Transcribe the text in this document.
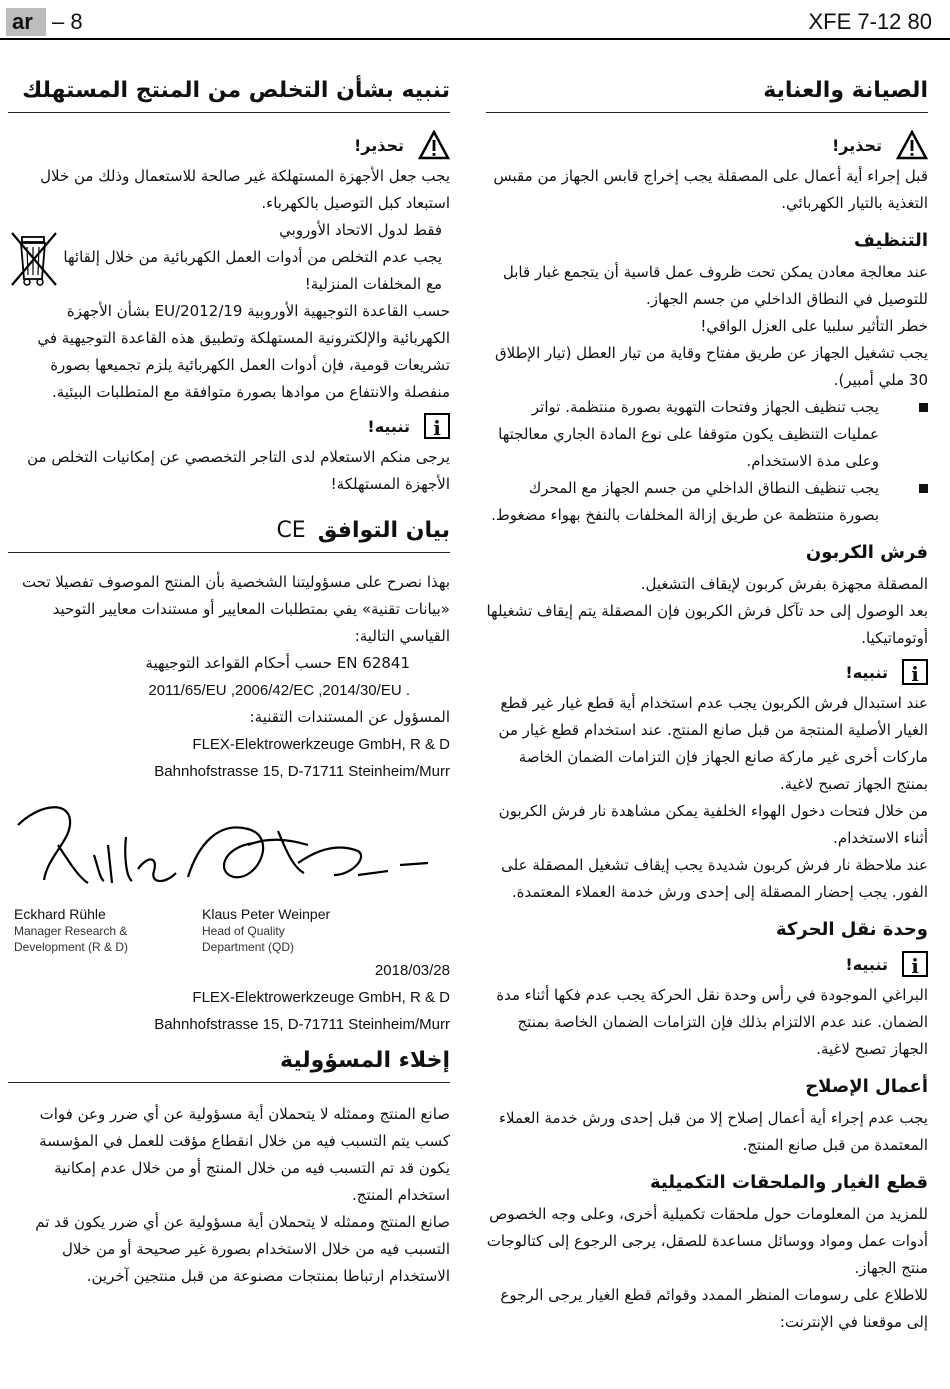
ar – 8	XFE 7-12 80
تنبيه بشأن التخلص من المنتج المستهلك
تحذير!

يجب جعل الأجهزة المستهلكة غير صالحة للاستعمال وذلك من خلال استبعاد كبل التوصيل بالكهرباء.

فقط لدول الاتحاد الأوروبي

يجب عدم التخلص من أدوات العمل الكهربائية من خلال إلقائها مع المخلفات المنزلية!

حسب القاعدة التوجيهية الأوروبية 2012/19/EU بشأن الأجهزة الكهربائية والإلكترونية المستهلكة وتطبيق هذه القاعدة التوجيهية في تشريعات قومية، فإن أدوات العمل الكهربائية يلزم تجميعها بصورة منفصلة والانتفاع من موادها بصورة متوافقة مع المتطلبات البيئية.

i
تنبيه!

يرجى منكم الاستعلام لدى التاجر التخصصي عن إمكانيات التخلص من الأجهزة المستهلكة!

بيان التوافقCE

بهذا نصرح على مسؤوليتنا الشخصية بأن المنتج الموصوف تفصيلا تحت «بيانات تقنية» يفي بمتطلبات المعايير أو مستندات معايير التوحيد القياسي التالية:

EN 62841 حسب أحكام القواعد التوجيهية

2011/65/EU ,2006/42/EC ,2014/30/EU .

المسؤول عن المستندات التقنية:

FLEX-Elektrowerkzeuge GmbH, R & D

Bahnhofstrasse 15, D-71711 Steinheim/Murr

Eckhard Rühle
Manager Research &
Development (R & D)
Klaus Peter Weinper
Head of Quality
Department (QD)

2018/03/28

FLEX-Elektrowerkzeuge GmbH, R & D

Bahnhofstrasse 15, D-71711 Steinheim/Murr

إخلاء المسؤولية

صانع المنتج وممثله لا يتحملان أية مسؤولية عن أي ضرر وعن فوات كسب يتم التسبب فيه من خلال انقطاع مؤقت للعمل في المؤسسة يكون قد تم التسبب فيه من خلال المنتج أو من خلال عدم إمكانية استخدام المنتج.

صانع المنتج وممثله لا يتحملان أية مسؤولية عن أي ضرر يكون قد تم التسبب فيه من خلال الاستخدام بصورة غير صحيحة أو من خلال الاستخدام ارتباطا بمنتجات مصنوعة من قبل منتجين آخرين.

الصيانة والعناية
تحذير!

قبل إجراء أية أعمال على المصقلة يجب إخراج قابس الجهاز من مقبس التغذية بالتيار الكهربائي.

التنظيف

عند معالجة معادن يمكن تحت ظروف عمل قاسية أن يتجمع غبار قابل للتوصيل في النطاق الداخلي من جسم الجهاز.

خطر التأثير سلبيا على العزل الواقي!

يجب تشغيل الجهاز عن طريق مفتاح وقاية من تيار العطل (تيار الإطلاق 30 ملي أمبير).

يجب تنظيف الجهاز وفتحات التهوية بصورة منتظمة. تواتر عمليات التنظيف يكون متوقفا على نوع المادة الجاري معالجتها وعلى مدة الاستخدام.

يجب تنظيف النطاق الداخلي من جسم الجهاز مع المحرك بصورة منتظمة عن طريق إزالة المخلفات بالنفخ بهواء مضغوط.

فرش الكربون

المصقلة مجهزة بفرش كربون لإيقاف التشغيل.

بعد الوصول إلى حد تآكل فرش الكربون فإن المصقلة يتم إيقاف تشغيلها أوتوماتيكيا.

i
تنبيه!

عند استبدال فرش الكربون يجب عدم استخدام أية قطع غيار غير قطع الغيار الأصلية المنتجة من قبل صانع المنتج. عند استخدام قطع غيار من ماركات أخرى غير ماركة صانع الجهاز فإن التزامات الضمان الخاصة بمنتج الجهاز تصبح لاغية.

من خلال فتحات دخول الهواء الخلفية يمكن مشاهدة نار فرش الكربون أثناء الاستخدام.

عند ملاحظة نار فرش كربون شديدة يجب إيقاف تشغيل المصقلة على الفور. يجب إحضار المصقلة إلى إحدى ورش خدمة العملاء المعتمدة.

وحدة نقل الحركة
i
تنبيه!

البراغي الموجودة في رأس وحدة نقل الحركة يجب عدم فكها أثناء مدة الضمان. عند عدم الالتزام بذلك فإن التزامات الضمان الخاصة بمنتج الجهاز تصبح لاغية.

أعمال الإصلاح

يجب عدم إجراء أية أعمال إصلاح إلا من قبل إحدى ورش خدمة العملاء المعتمدة من قبل صانع المنتج.

قطع الغيار والملحقات التكميلية

للمزيد من المعلومات حول ملحقات تكميلية أخرى، وعلى وجه الخصوص أدوات عمل ومواد ووسائل مساعدة للصقل، يرجى الرجوع إلى كتالوجات منتج الجهاز.

للاطلاع على رسومات المنظر الممدد وقوائم قطع الغيار يرجى الرجوع إلى موقعنا في الإنترنت:
